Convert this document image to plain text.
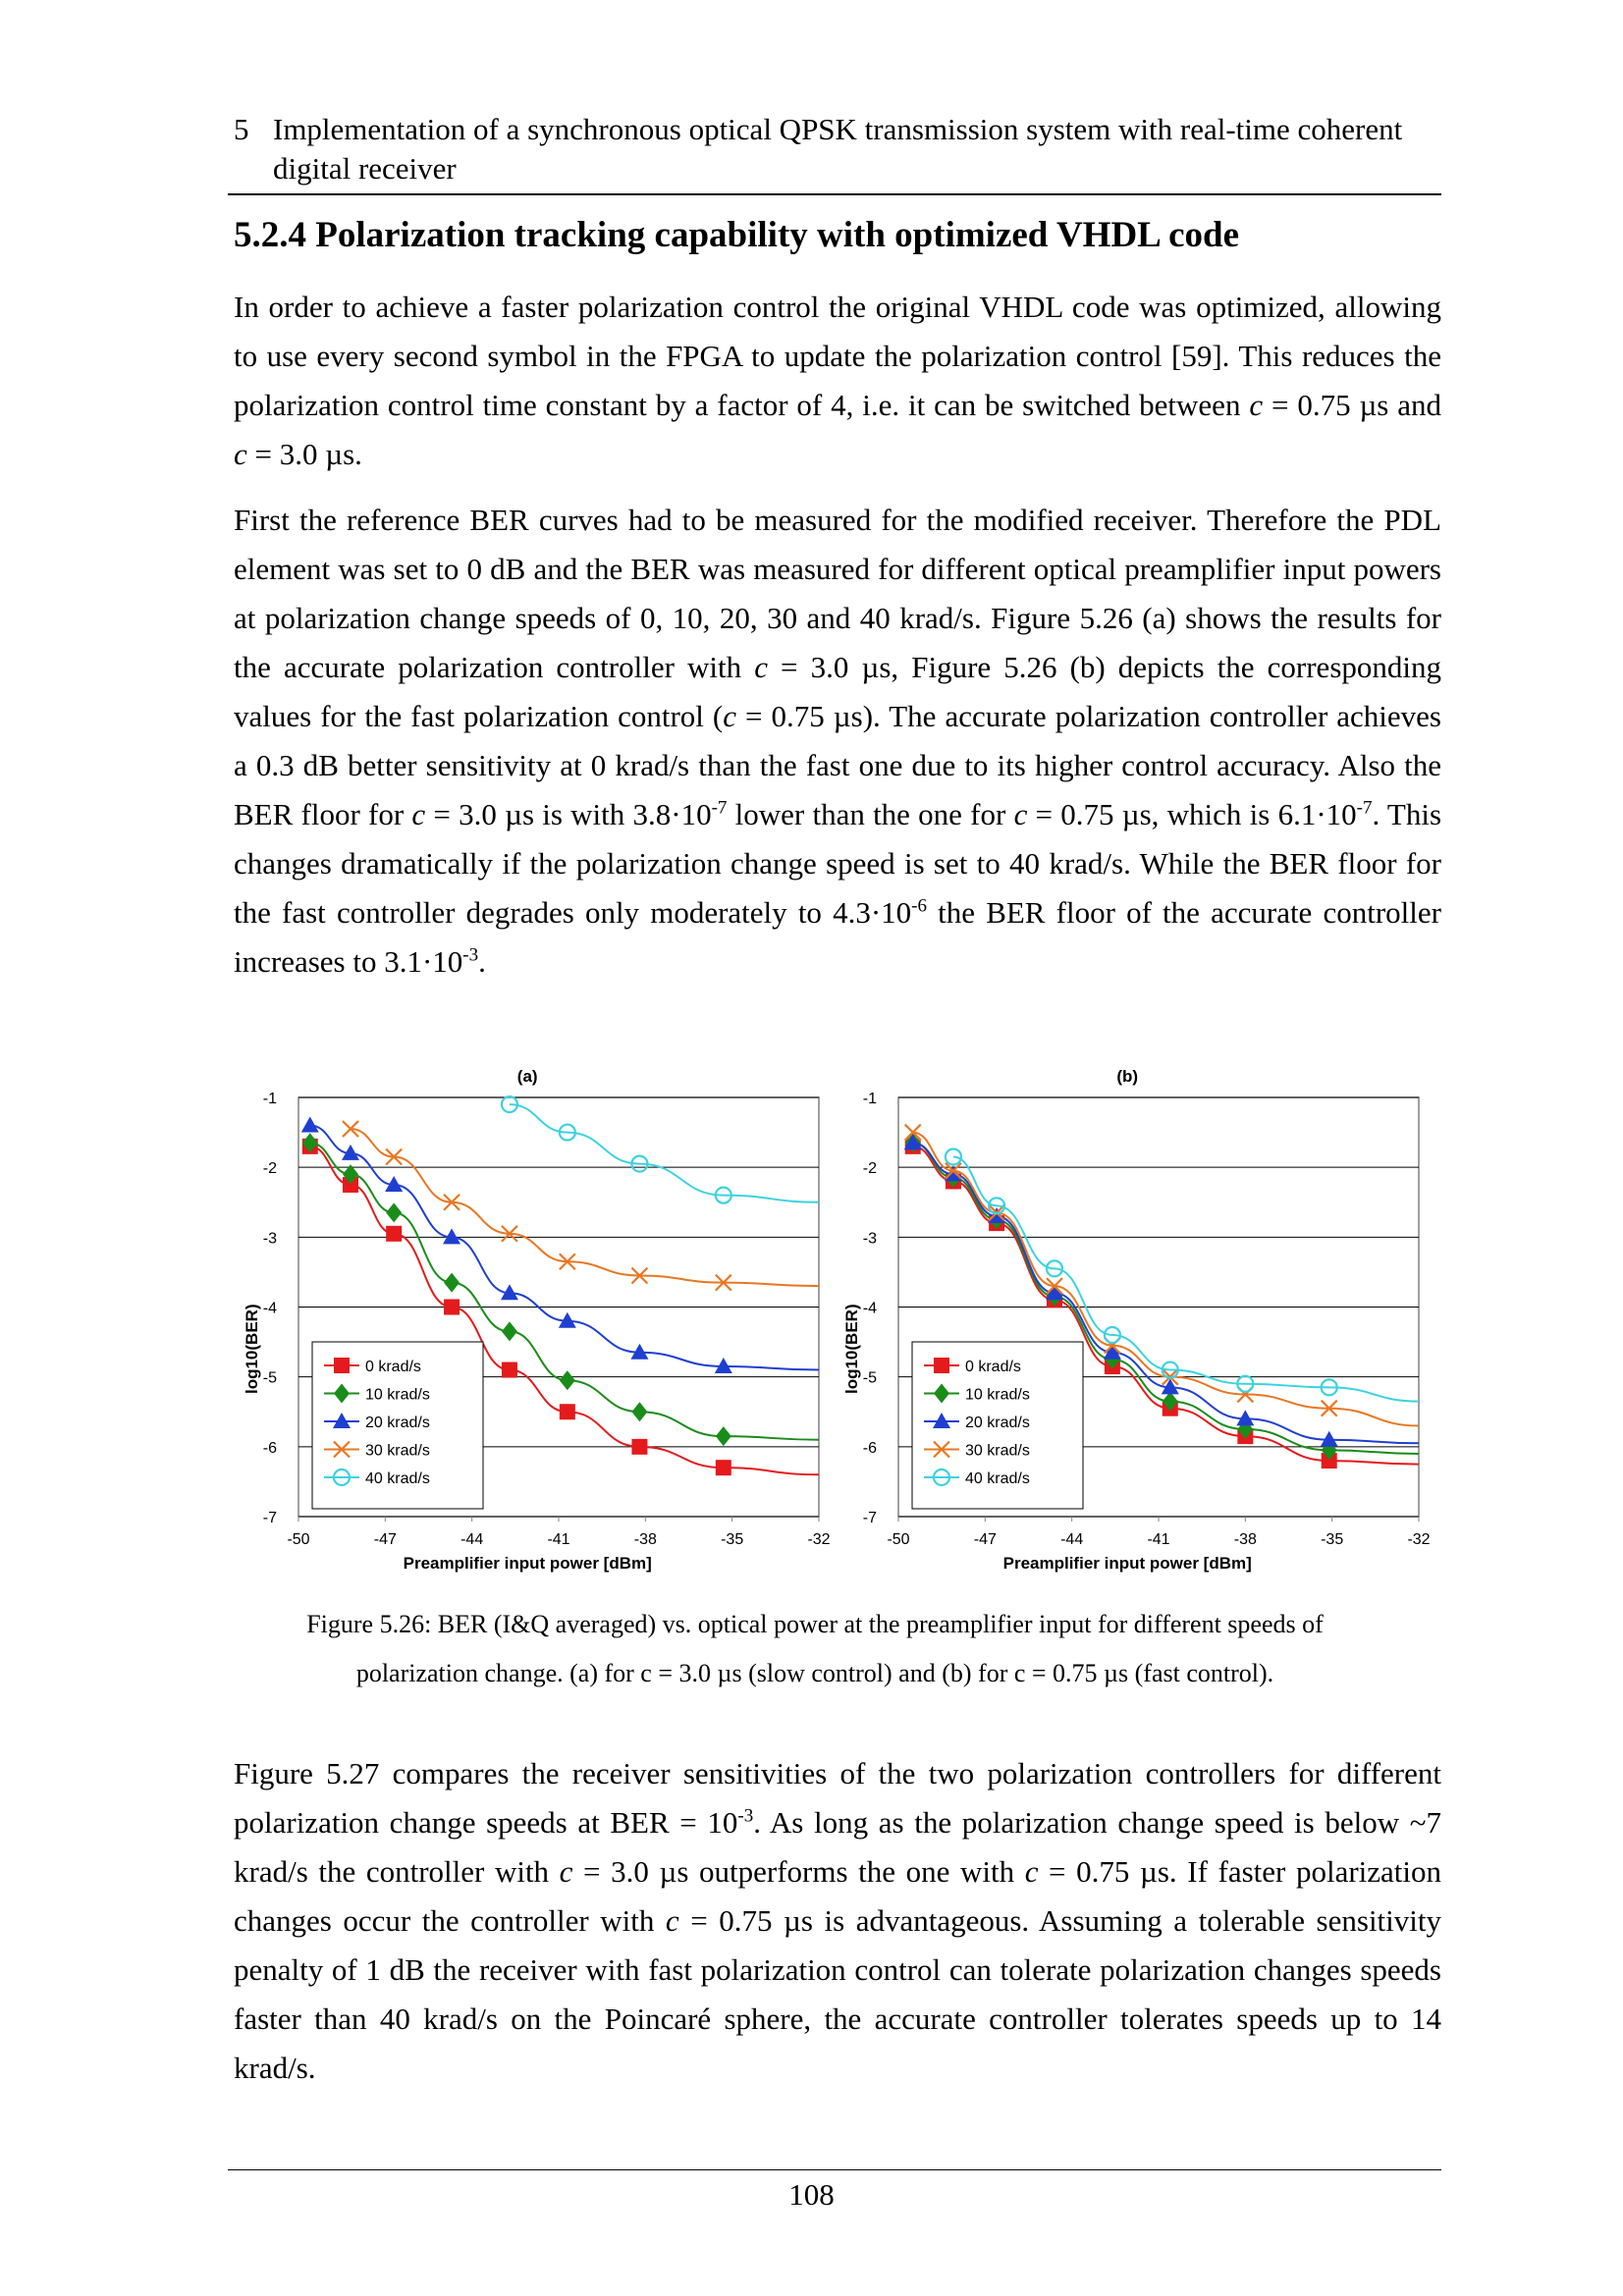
5 Implementation of a synchronous optical QPSK transmission system with real-time coherent digital receiver
5.2.4 Polarization tracking capability with optimized VHDL code

In order to achieve a faster polarization control the original VHDL code was optimized, allowing to use every second symbol in the FPGA to update the polarization control [59]. This reduces the polarization control time constant by a factor of 4, i.e. it can be switched between c = 0.75 µs and c = 3.0 µs.

First the reference BER curves had to be measured for the modified receiver. Therefore the PDL element was set to 0 dB and the BER was measured for different optical preamplifier input powers at polarization change speeds of 0, 10, 20, 30 and 40 krad/s. Figure 5.26 (a) shows the results for the accurate polarization controller with c = 3.0 µs, Figure 5.26 (b) depicts the corresponding values for the fast polarization control (c = 0.75 µs). The accurate polarization controller achieves a 0.3 dB better sensitivity at 0 krad/s than the fast one due to its higher control accuracy. Also the BER floor for c = 3.0 µs is with $3.8\cdot 10^{-7}$ lower than the one for c = 0.75 µs, which is $6.1\cdot 10^{-7}$. This changes dramatically if the polarization change speed is set to 40 krad/s. While the BER floor for the fast controller degrades only moderately to $4.3\cdot 10^{-6}$ the BER floor of the accurate controller increases to $3.1\cdot 10^{-3}$.

-1
-2
-3
-4
-5
-6
-7
-50	-47	-44	-41	-38	-35	-32
(a)
Preamplifier input power [dBm]
log10(BER)	0 krad/s
10 krad/s
20 krad/s
30 krad/s
40 krad/s
-1
-2
-3
-4
-5
-6
-7
-50	-47	-44	-41	-38	-35	-32
(b)
Preamplifier input power [dBm]
log10(BER)	0 krad/s
10 krad/s
20 krad/s
30 krad/s
40 krad/s

Figure 5.26: BER (I&Q averaged) vs. optical power at the preamplifier input for different speeds of
polarization change. (a) for c = 3.0 µs (slow control) and (b) for c = 0.75 µs (fast control).

Figure 5.27 compares the receiver sensitivities of the two polarization controllers for different polarization change speeds at BER = $10^{-3}$. As long as the polarization change speed is below ~7 krad/s the controller with c = 3.0 µs outperforms the one with c = 0.75 µs. If faster polarization changes occur the controller with c = 0.75 µs is advantageous. Assuming a tolerable sensitivity penalty of 1 dB the receiver with fast polarization control can tolerate polarization changes speeds faster than 40 krad/s on the Poincaré sphere, the accurate controller tolerates speeds up to 14 krad/s.

108
